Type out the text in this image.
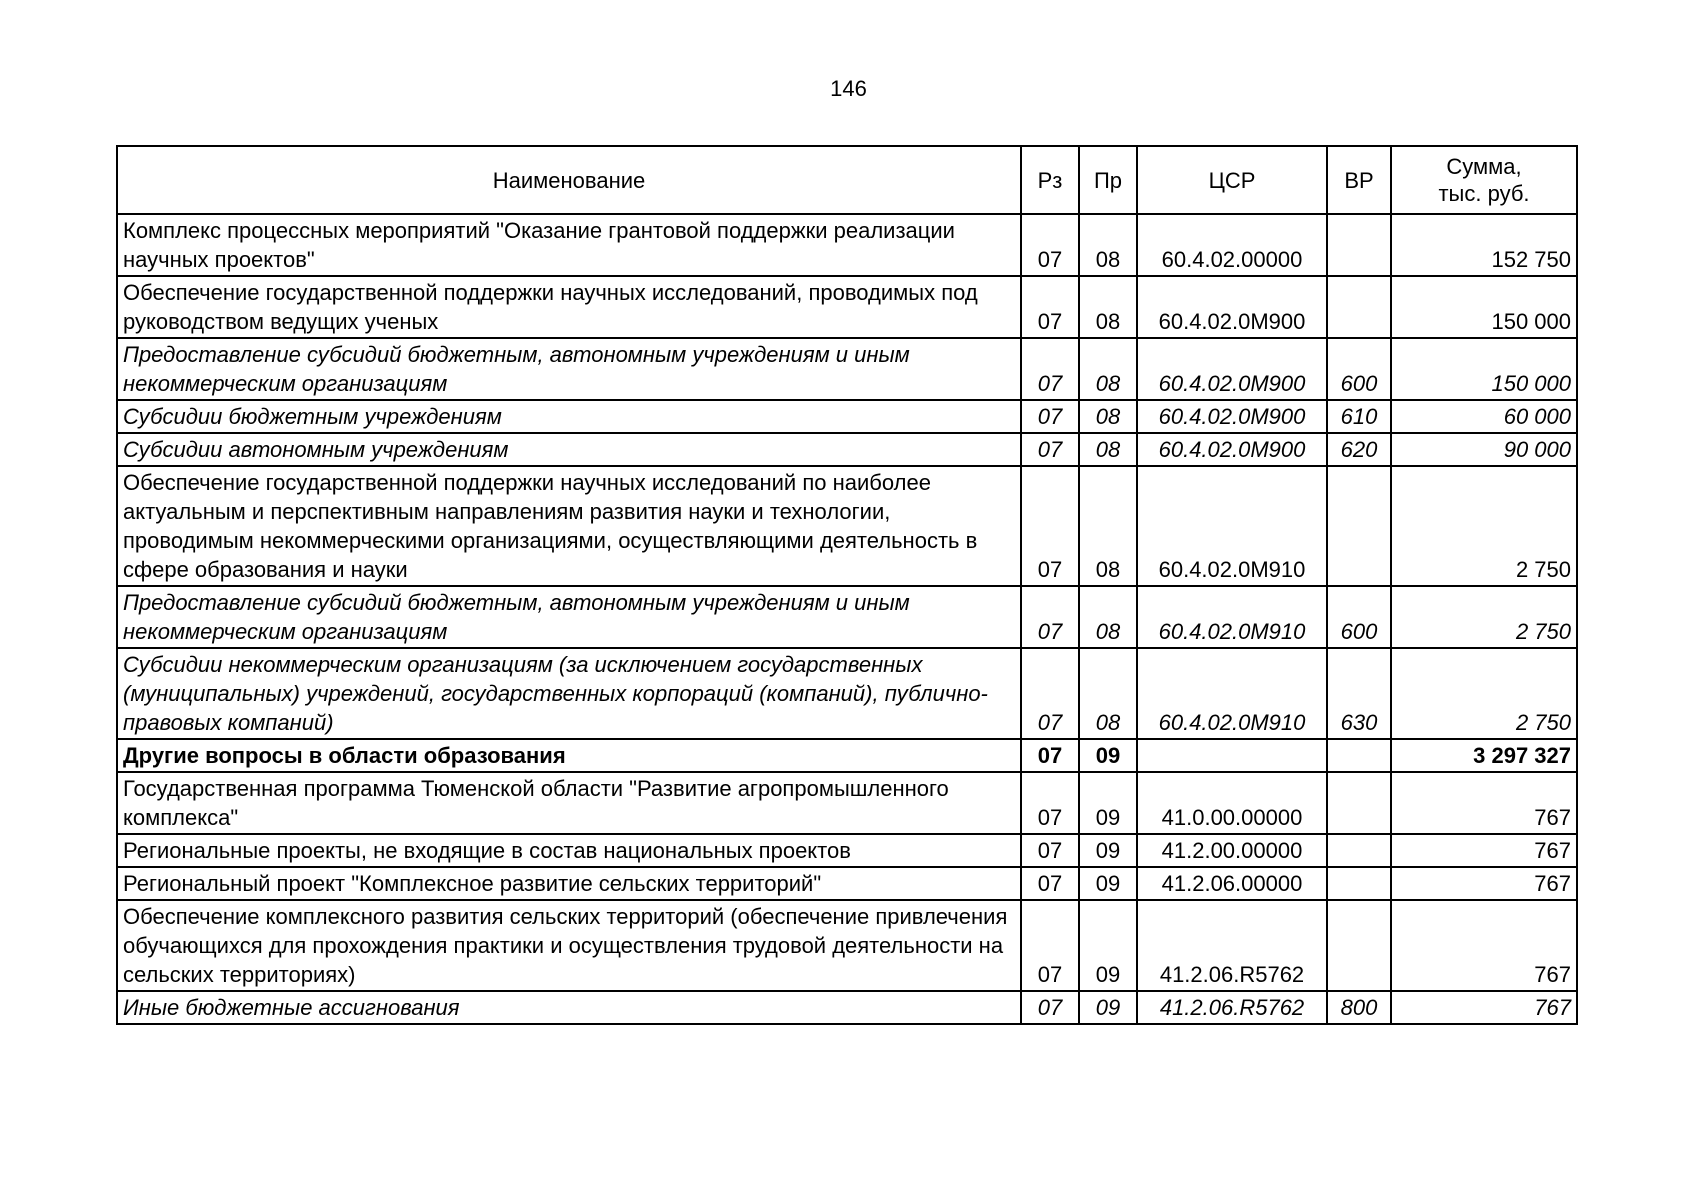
146
Наименование	Рз	Пр	ЦСР	ВР	Сумма,
тыс. руб.
Комплекс процессных мероприятий "Оказание грантовой поддержки реализации научных проектов"	07	08	60.4.02.00000		152 750
Обеспечение государственной поддержки научных исследований, проводимых под руководством ведущих ученых	07	08	60.4.02.0М900		150 000
Предоставление субсидий бюджетным, автономным учреждениям и иным некоммерческим организациям	07	08	60.4.02.0М900	600	150 000
Субсидии бюджетным учреждениям	07	08	60.4.02.0М900	610	60 000
Субсидии автономным учреждениям	07	08	60.4.02.0М900	620	90 000
Обеспечение государственной поддержки научных исследований по наиболее актуальным и перспективным направлениям развития науки и технологии, проводимым некоммерческими организациями, осуществляющими деятельность в сфере образования и науки	07	08	60.4.02.0М910		2 750
Предоставление субсидий бюджетным, автономным учреждениям и иным некоммерческим организациям	07	08	60.4.02.0М910	600	2 750
Субсидии некоммерческим организациям (за исключением государственных (муниципальных) учреждений, государственных корпораций (компаний), публично-правовых компаний)	07	08	60.4.02.0М910	630	2 750
Другие вопросы в области образования	07	09			3 297 327
Государственная программа Тюменской области "Развитие агропромышленного комплекса"	07	09	41.0.00.00000		767
Региональные проекты, не входящие в состав национальных проектов	07	09	41.2.00.00000		767
Региональный проект "Комплексное развитие сельских территорий"	07	09	41.2.06.00000		767
Обеспечение комплексного развития сельских территорий (обеспечение привлечения обучающихся для прохождения практики и осуществления трудовой деятельности на сельских территориях)	07	09	41.2.06.R5762		767
Иные бюджетные ассигнования	07	09	41.2.06.R5762	800	767
